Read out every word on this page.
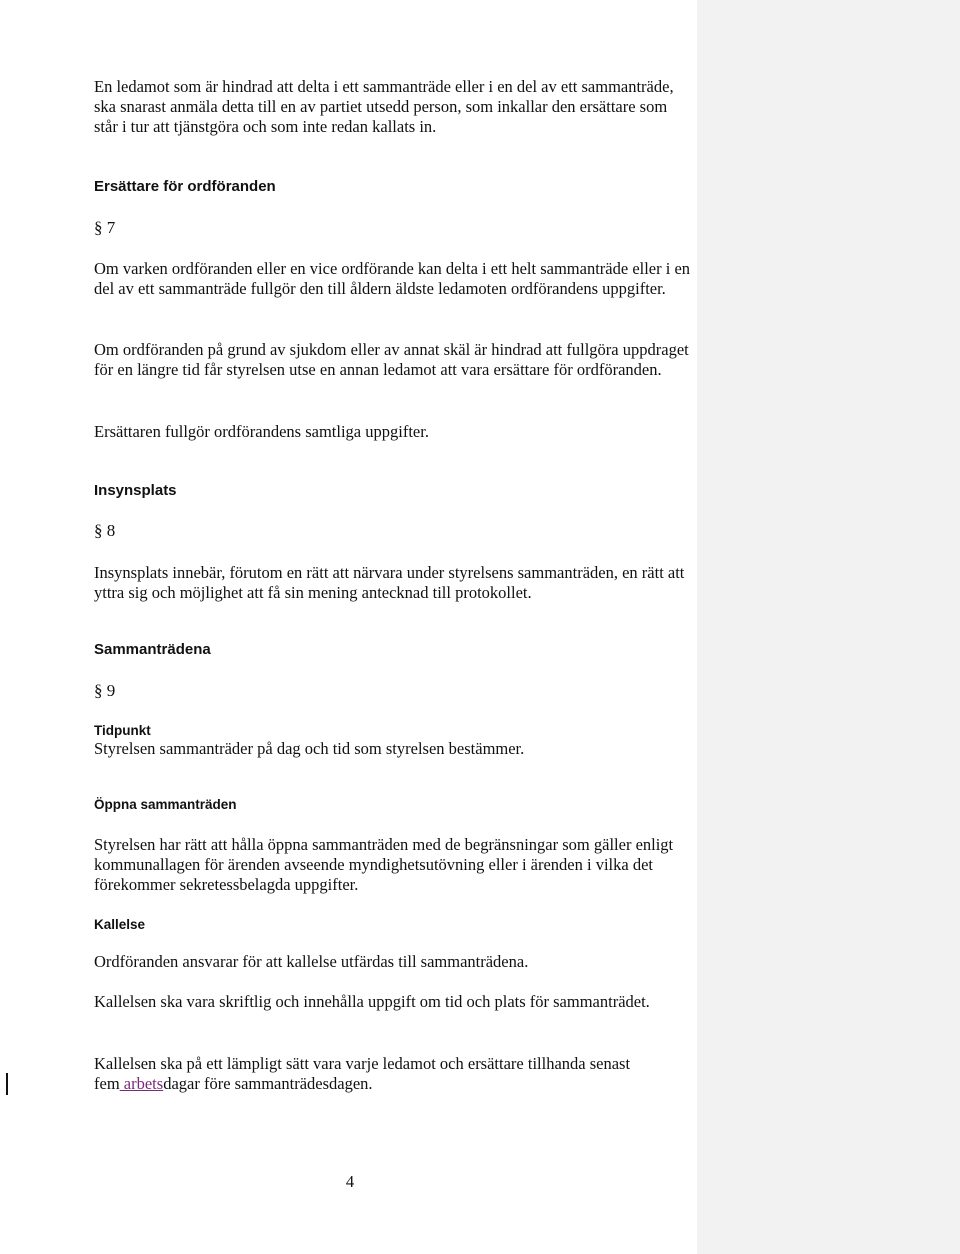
En ledamot som är hindrad att delta i ett sammanträde eller i en del av ett sammanträde, ska snarast anmäla detta till en av partiet utsedd person, som inkallar den ersättare som står i tur att tjänstgöra och som inte redan kallats in.

Ersättare för ordföranden

§ 7

Om varken ordföranden eller en vice ordförande kan delta i ett helt sammanträde eller i en del av ett sammanträde fullgör den till åldern äldste ledamoten ordförandens uppgifter.

Om ordföranden på grund av sjukdom eller av annat skäl är hindrad att fullgöra uppdraget för en längre tid får styrelsen utse en annan ledamot att vara ersättare för ordföranden.

Ersättaren fullgör ordförandens samtliga uppgifter.

Insynsplats

§ 8

Insynsplats innebär, förutom en rätt att närvara under styrelsens sammanträden, en rätt att yttra sig och möjlighet att få sin mening antecknad till protokollet.

Sammanträdena

§ 9

Tidpunkt

Styrelsen sammanträder på dag och tid som styrelsen bestämmer.

Öppna sammanträden

Styrelsen har rätt att hålla öppna sammanträden med de begränsningar som gäller enligt kommunallagen för ärenden avseende myndighetsutövning eller i ärenden i vilka det förekommer sekretessbelagda uppgifter.

Kallelse

Ordföranden ansvarar för att kallelse utfärdas till sammanträdena.

Kallelsen ska vara skriftlig och innehålla uppgift om tid och plats för sammanträdet.

Kallelsen ska på ett lämpligt sätt vara varje ledamot och ersättare tillhanda senast

fem arbetsdagar före sammanträdesdagen.

4
